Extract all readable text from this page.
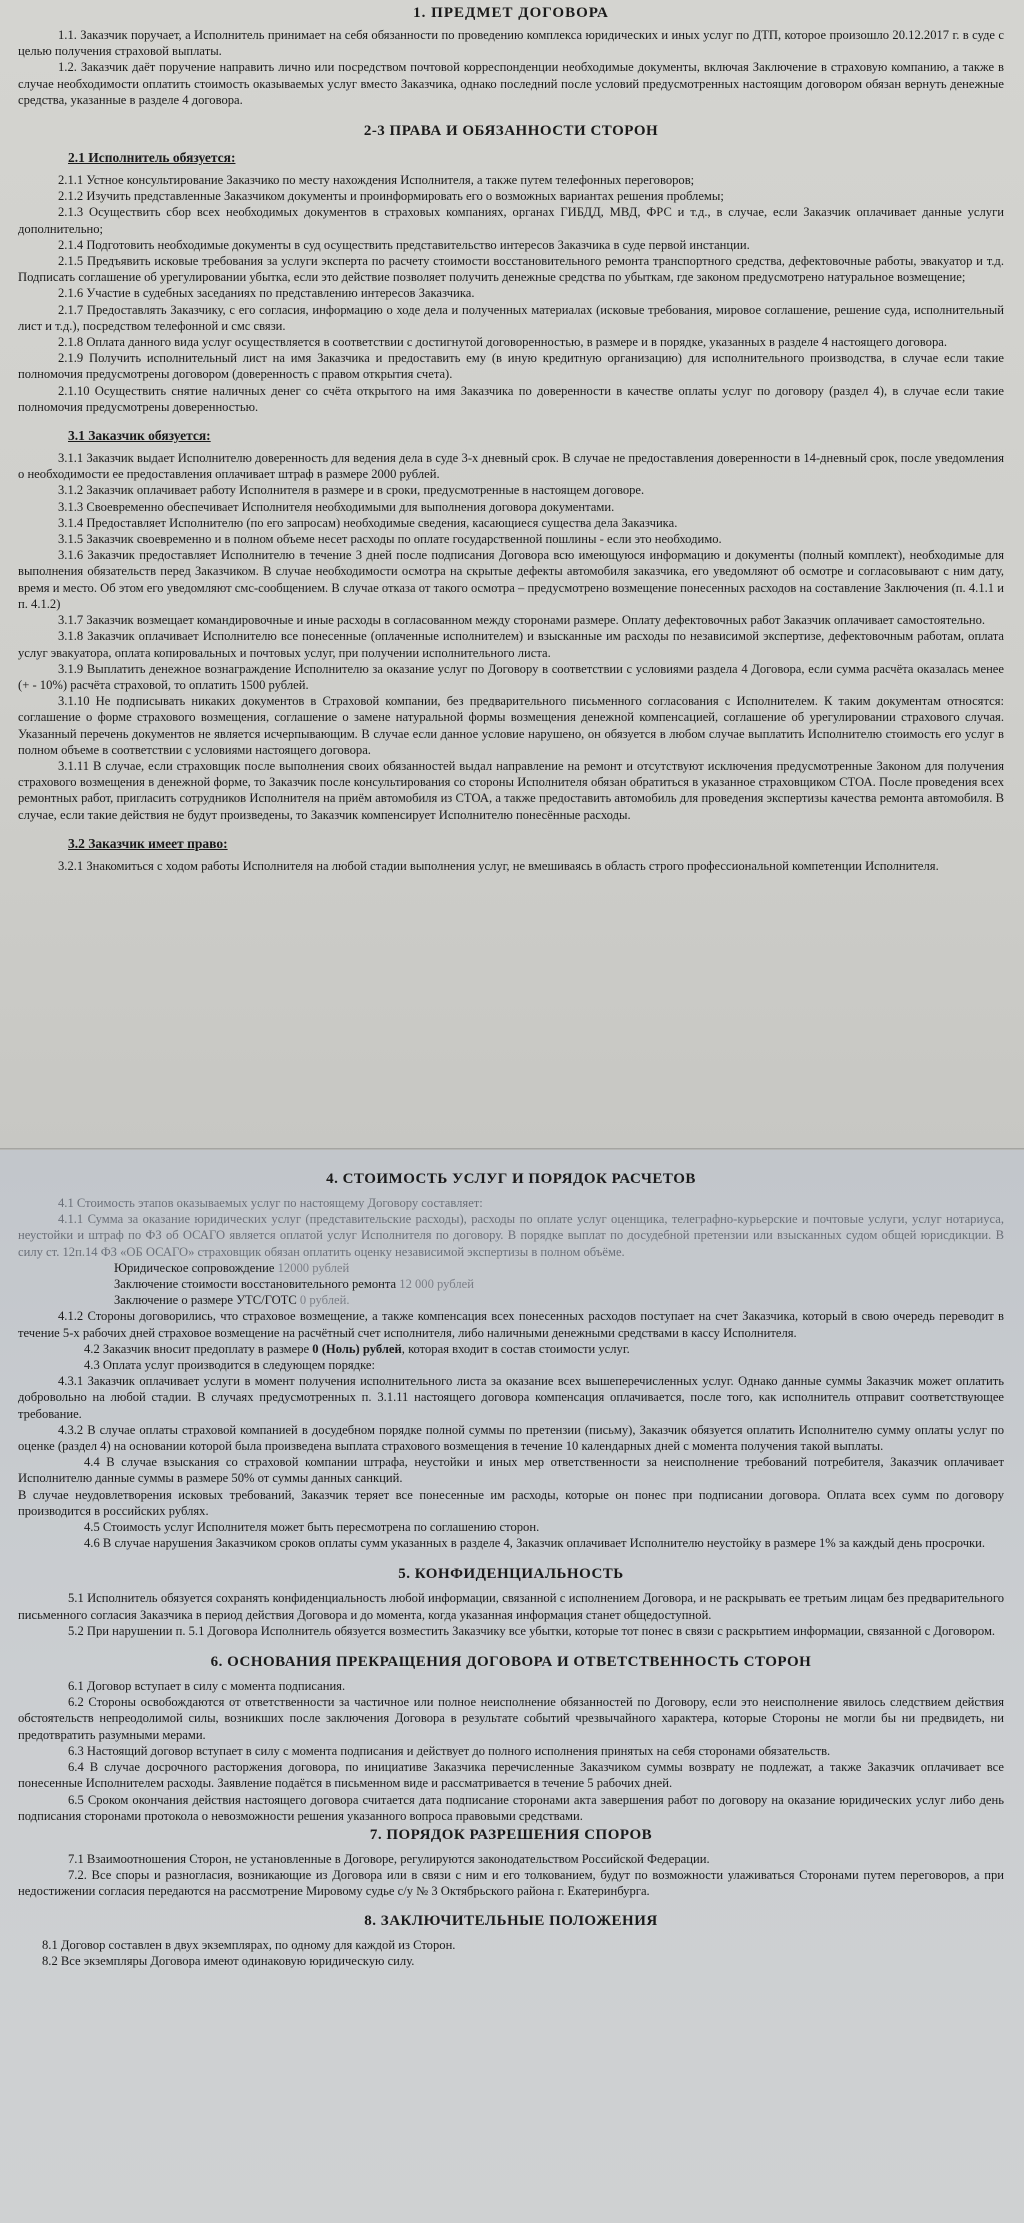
1. ПРЕДМЕТ ДОГОВОРА

1.1. Заказчик поручает, а Исполнитель принимает на себя обязанности по проведению комплекса юридических и иных услуг по ДТП, которое произошло 20.12.2017 г. в суде с целью получения страховой выплаты.

1.2. Заказчик даёт поручение направить лично или посредством почтовой корреспонденции необходимые документы, включая Заключение в страховую компанию, а также в случае необходимости оплатить стоимость оказываемых услуг вместо Заказчика, однако последний после условий предусмотренных настоящим договором обязан вернуть денежные средства, указанные в разделе 4 договора.

2-3 ПРАВА И ОБЯЗАННОСТИ СТОРОН
2.1 Исполнитель обязуется:

2.1.1 Устное консультирование Заказчико по месту нахождения Исполнителя, а также путем телефонных переговоров;

2.1.2 Изучить представленные Заказчиком документы и проинформировать его о возможных вариантах решения проблемы;

2.1.3 Осуществить сбор всех необходимых документов в страховых компаниях, органах ГИБДД, МВД, ФРС и т.д., в случае, если Заказчик оплачивает данные услуги дополнительно;

2.1.4 Подготовить необходимые документы в суд осуществить представительство интересов Заказчика в суде первой инстанции.

2.1.5 Предъявить исковые требования за услуги эксперта по расчету стоимости восстановительного ремонта транспортного средства, дефектовочные работы, эвакуатор и т.д. Подписать соглашение об урегулировании убытка, если это действие позволяет получить денежные средства по убыткам, где законом предусмотрено натуральное возмещение;

2.1.6 Участие в судебных заседаниях по представлению интересов Заказчика.

2.1.7 Предоставлять Заказчику, с его согласия, информацию о ходе дела и полученных материалах (исковые требования, мировое соглашение, решение суда, исполнительный лист и т.д.), посредством телефонной и смс связи.

2.1.8 Оплата данного вида услуг осуществляется в соответствии с достигнутой договоренностью, в размере и в порядке, указанных в разделе 4 настоящего договора.

2.1.9 Получить исполнительный лист на имя Заказчика и предоставить ему (в иную кредитную организацию) для исполнительного производства, в случае если такие полномочия предусмотрены договором (доверенность с правом открытия счета).

2.1.10 Осуществить снятие наличных денег со счёта открытого на имя Заказчика по доверенности в качестве оплаты услуг по договору (раздел 4), в случае если такие полномочия предусмотрены доверенностью.

3.1 Заказчик обязуется:

3.1.1 Заказчик выдает Исполнителю доверенность для ведения дела в суде 3-х дневный срок. В случае не предоставления доверенности в 14-дневный срок, после уведомления о необходимости ее предоставления оплачивает штраф в размере 2000 рублей.

3.1.2 Заказчик оплачивает работу Исполнителя в размере и в сроки, предусмотренные в настоящем договоре.

3.1.3 Своевременно обеспечивает Исполнителя необходимыми для выполнения договора документами.

3.1.4 Предоставляет Исполнителю (по его запросам) необходимые сведения, касающиеся существа дела Заказчика.

3.1.5 Заказчик своевременно и в полном объеме несет расходы по оплате государственной пошлины - если это необходимо.

3.1.6 Заказчик предоставляет Исполнителю в течение 3 дней после подписания Договора всю имеющуюся информацию и документы (полный комплект), необходимые для выполнения обязательств перед Заказчиком. В случае необходимости осмотра на скрытые дефекты автомобиля заказчика, его уведомляют об осмотре и согласовывают с ним дату, время и место. Об этом его уведомляют смс-сообщением. В случае отказа от такого осмотра – предусмотрено возмещение понесенных расходов на составление Заключения (п. 4.1.1 и п. 4.1.2)

3.1.7 Заказчик возмещает командировочные и иные расходы в согласованном между сторонами размере. Оплату дефектовочных работ Заказчик оплачивает самостоятельно.

3.1.8 Заказчик оплачивает Исполнителю все понесенные (оплаченные исполнителем) и взысканные им расходы по независимой экспертизе, дефектовочным работам, оплата услуг эвакуатора, оплата копировальных и почтовых услуг, при получении исполнительного листа.

3.1.9 Выплатить денежное вознаграждение Исполнителю за оказание услуг по Договору в соответствии с условиями раздела 4 Договора, если сумма расчёта оказалась менее (+ - 10%) расчёта страховой, то оплатить 1500 рублей.

3.1.10 Не подписывать никаких документов в Страховой компании, без предварительного письменного согласования с Исполнителем. К таким документам относятся: соглашение о форме страхового возмещения, соглашение о замене натуральной формы возмещения денежной компенсацией, соглашение об урегулировании страхового случая. Указанный перечень документов не является исчерпывающим. В случае если данное условие нарушено, он обязуется в любом случае выплатить Исполнителю стоимость его услуг в полном объеме в соответствии с условиями настоящего договора.

3.1.11 В случае, если страховщик после выполнения своих обязанностей выдал направление на ремонт и отсутствуют исключения предусмотренные Законом для получения страхового возмещения в денежной форме, то Заказчик после консультирования со стороны Исполнителя обязан обратиться в указанное страховщиком СТОА. После проведения всех ремонтных работ, пригласить сотрудников Исполнителя на приём автомобиля из СТОА, а также предоставить автомобиль для проведения экспертизы качества ремонта автомобиля. В случае, если такие действия не будут произведены, то Заказчик компенсирует Исполнителю понесённые расходы.

3.2 Заказчик имеет право:

3.2.1 Знакомиться с ходом работы Исполнителя на любой стадии выполнения услуг, не вмешиваясь в область строго профессиональной компетенции Исполнителя.

4. СТОИМОСТЬ УСЛУГ И ПОРЯДОК РАСЧЕТОВ

4.1 Стоимость этапов оказываемых услуг по настоящему Договору составляет:

4.1.1 Сумма за оказание юридических услуг (представительские расходы), расходы по оплате услуг оценщика, телеграфно-курьерские и почтовые услуги, услуг нотариуса, неустойки и штраф по ФЗ об ОСАГО является оплатой услуг Исполнителя по договору. В порядке выплат по досудебной претензии или взысканных судом общей юрисдикции. В силу ст. 12п.14 ФЗ «ОБ ОСАГО» страховщик обязан оплатить оценку независимой экспертизы в полном объёме.

Юридическое сопровождение 12000 рублей

Заключение стоимости восстановительного ремонта 12 000 рублей

Заключение о размере УТС/ГОТС 0 рублей.

4.1.2 Стороны договорились, что страховое возмещение, а также компенсация всех понесенных расходов поступает на счет Заказчика, который в свою очередь переводит в течение 5-х рабочих дней страховое возмещение на расчётный счет исполнителя, либо наличными денежными средствами в кассу Исполнителя.

4.2 Заказчик вносит предоплату в размере 0 (Ноль) рублей, которая входит в состав стоимости услуг.

4.3 Оплата услуг производится в следующем порядке:

4.3.1 Заказчик оплачивает услуги в момент получения исполнительного листа за оказание всех вышеперечисленных услуг. Однако данные суммы Заказчик может оплатить добровольно на любой стадии. В случаях предусмотренных п. 3.1.11 настоящего договора компенсация оплачивается, после того, как исполнитель отправит соответствующее требование.

4.3.2 В случае оплаты страховой компанией в досудебном порядке полной суммы по претензии (письму), Заказчик обязуется оплатить Исполнителю сумму оплаты услуг по оценке (раздел 4) на основании которой была произведена выплата страхового возмещения в течение 10 календарных дней с момента получения такой выплаты.

4.4 В случае взыскания со страховой компании штрафа, неустойки и иных мер ответственности за неисполнение требований потребителя, Заказчик оплачивает Исполнителю данные суммы в размере 50% от суммы данных санкций.

В случае неудовлетворения исковых требований, Заказчик теряет все понесенные им расходы, которые он понес при подписании договора. Оплата всех сумм по договору производится в российских рублях.

4.5 Стоимость услуг Исполнителя может быть пересмотрена по соглашению сторон.

4.6 В случае нарушения Заказчиком сроков оплаты сумм указанных в разделе 4, Заказчик оплачивает Исполнителю неустойку в размере 1% за каждый день просрочки.

5. КОНФИДЕНЦИАЛЬНОСТЬ

5.1 Исполнитель обязуется сохранять конфиденциальность любой информации, связанной с исполнением Договора, и не раскрывать ее третьим лицам без предварительного письменного согласия Заказчика в период действия Договора и до момента, когда указанная информация станет общедоступной.

5.2 При нарушении п. 5.1 Договора Исполнитель обязуется возместить Заказчику все убытки, которые тот понес в связи с раскрытием информации, связанной с Договором.

6. ОСНОВАНИЯ ПРЕКРАЩЕНИЯ ДОГОВОРА И ОТВЕТСТВЕННОСТЬ СТОРОН

6.1 Договор вступает в силу с момента подписания.

6.2 Стороны освобождаются от ответственности за частичное или полное неисполнение обязанностей по Договору, если это неисполнение явилось следствием действия обстоятельств непреодолимой силы, возникших после заключения Договора в результате событий чрезвычайного характера, которые Стороны не могли бы ни предвидеть, ни предотвратить разумными мерами.

6.3 Настоящий договор вступает в силу с момента подписания и действует до полного исполнения принятых на себя сторонами обязательств.

6.4 В случае досрочного расторжения договора, по инициативе Заказчика перечисленные Заказчиком суммы возврату не подлежат, а также Заказчик оплачивает все понесенные Исполнителем расходы. Заявление подаётся в письменном виде и рассматривается в течение 5 рабочих дней.

6.5 Сроком окончания действия настоящего договора считается дата подписание сторонами акта завершения работ по договору на оказание юридических услуг либо день подписания сторонами протокола о невозможности решения указанного вопроса правовыми средствами.

7. ПОРЯДОК РАЗРЕШЕНИЯ СПОРОВ

7.1 Взаимоотношения Сторон, не установленные в Договоре, регулируются законодательством Российской Федерации.

7.2. Все споры и разногласия, возникающие из Договора или в связи с ним и его толкованием, будут по возможности улаживаться Сторонами путем переговоров, а при недостижении согласия передаются на рассмотрение Мировому судье с/у № 3 Октябрьского района г. Екатеринбурга.

8. ЗАКЛЮЧИТЕЛЬНЫЕ ПОЛОЖЕНИЯ

8.1 Договор составлен в двух экземплярах, по одному для каждой из Сторон.

8.2 Все экземпляры Договора имеют одинаковую юридическую силу.
